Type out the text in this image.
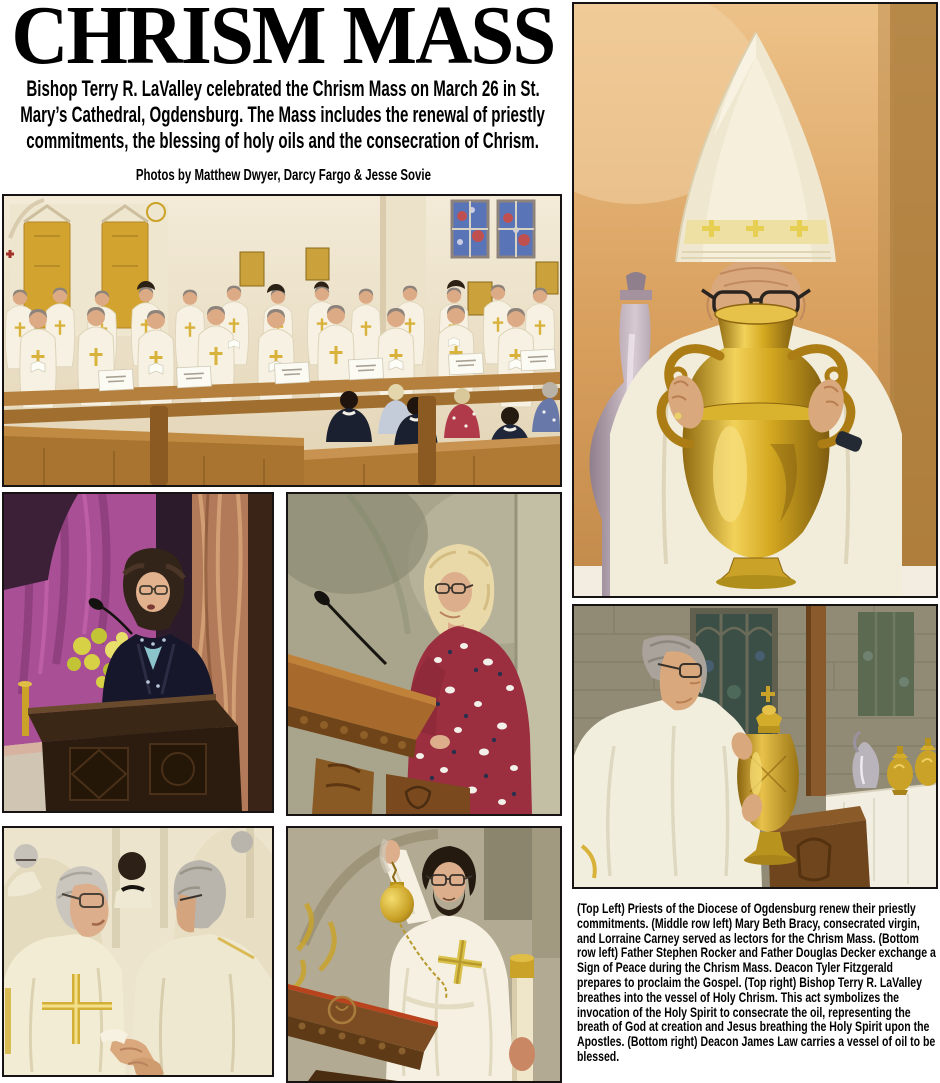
CHRISM MASS
Bishop Terry R. LaValley celebrated the Chrism Mass on March 26 in St.
Mary’s Cathedral, Ogdensburg. The Mass includes the renewal of priestly
commitments, the blessing of holy oils and the consecration of Chrism.
Photos by Matthew Dwyer, Darcy Fargo & Jesse Sovie
(Top Left) Priests of the Diocese of Ogdensburg renew their priestly commitments. (Middle row left) Mary Beth Bracy, consecrated virgin, and Lorraine Carney served as lectors for the Chrism Mass. (Bottom row left) Father Stephen Rocker and Father Douglas Decker exchange a Sign of Peace during the Chrism Mass. Deacon Tyler Fitzgerald prepares to proclaim the Gospel. (Top right) Bishop Terry R. LaValley breathes into the vessel of Holy Chrism. This act symbolizes the invocation of the Holy Spirit to consecrate the oil, representing the breath of God at creation and Jesus breathing the Holy Spirit upon the Apostles. (Bottom right) Deacon James Law carries a vessel of oil to be blessed.
